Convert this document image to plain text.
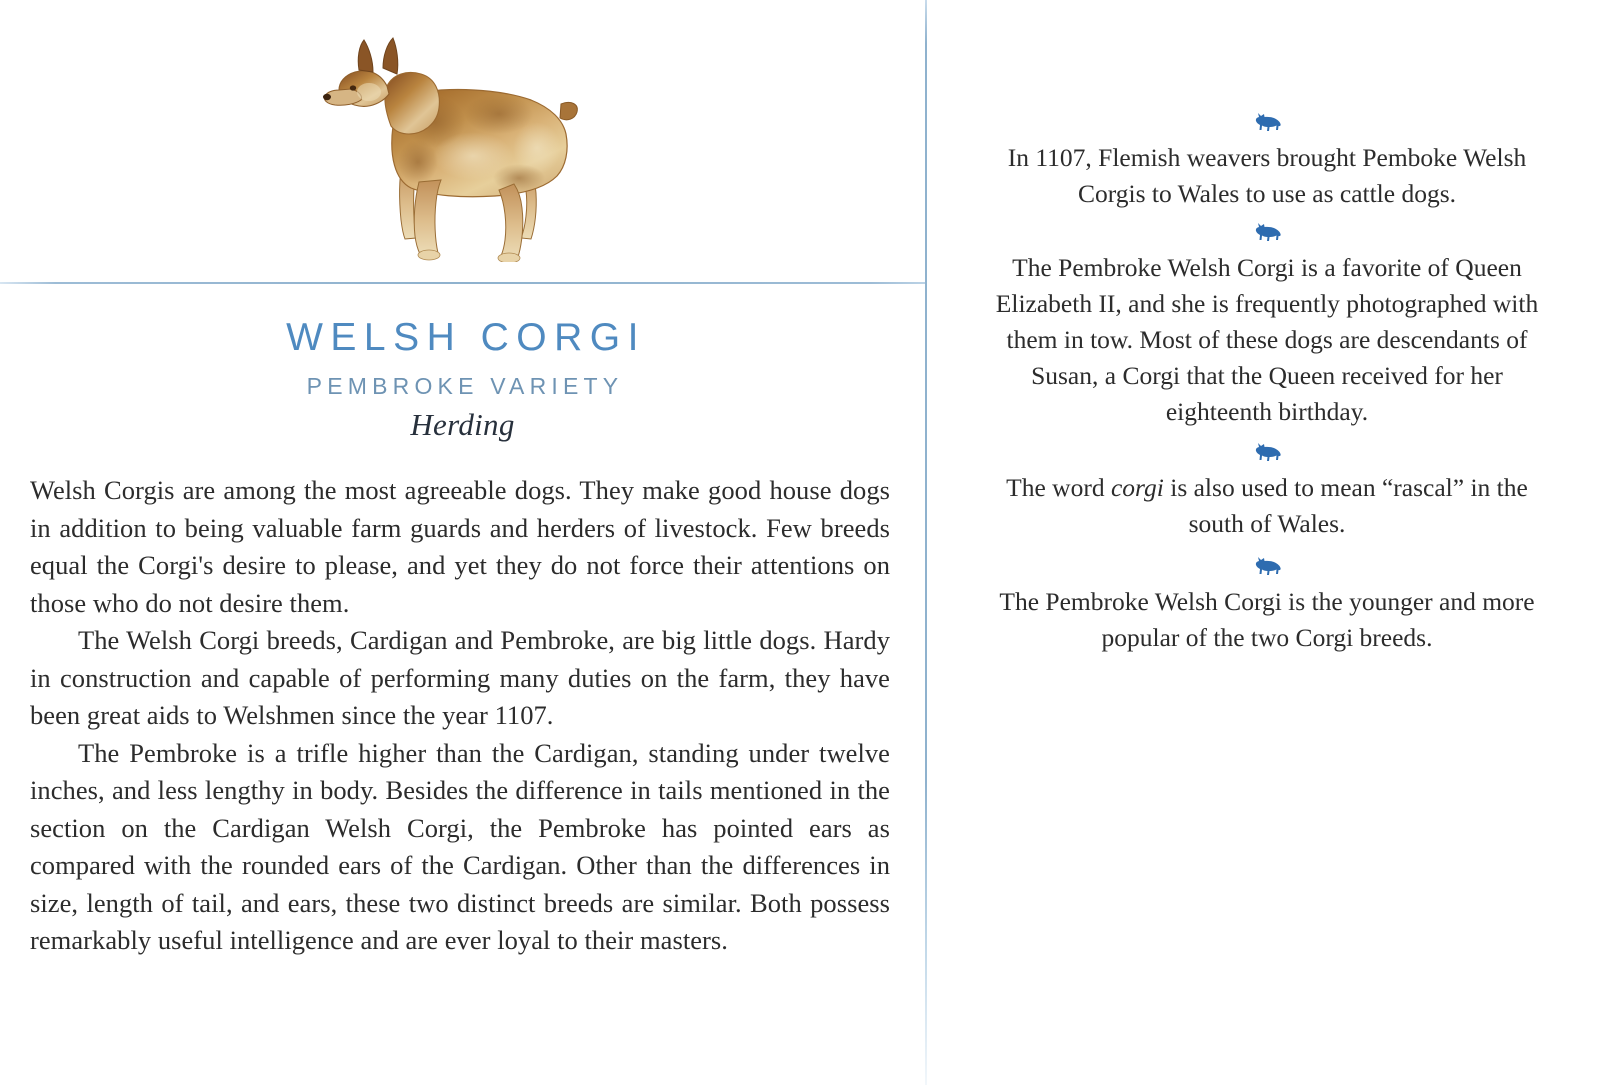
WELSH CORGI
PEMBROKE VARIETY
Herding

Welsh Corgis are among the most agreeable dogs. They make good house dogs in addition to being valuable farm guards and herders of livestock. Few breeds equal the Corgi's desire to please, and yet they do not force their attentions on those who do not desire them.

The Welsh Corgi breeds, Cardigan and Pembroke, are big little dogs. Hardy in construction and capable of performing many duties on the farm, they have been great aids to Welshmen since the year 1107.

The Pembroke is a trifle higher than the Cardigan, standing under twelve inches, and less lengthy in body. Besides the difference in tails mentioned in the section on the Cardigan Welsh Corgi, the Pembroke has pointed ears as compared with the rounded ears of the Cardigan. Other than the differences in size, length of tail, and ears, these two distinct breeds are similar. Both possess remarkably useful intelligence and are ever loyal to their masters.

In 1107, Flemish weavers brought Pemboke Welsh Corgis to Wales to use as cattle dogs.
The Pembroke Welsh Corgi is a favorite of Queen Elizabeth II, and she is frequently photographed with them in tow. Most of these dogs are descendants of Susan, a Corgi that the Queen received for her eighteenth birthday.
The word corgi is also used to mean “rascal” in the south of Wales.
The Pembroke Welsh Corgi is the younger and more popular of the two Corgi breeds.
